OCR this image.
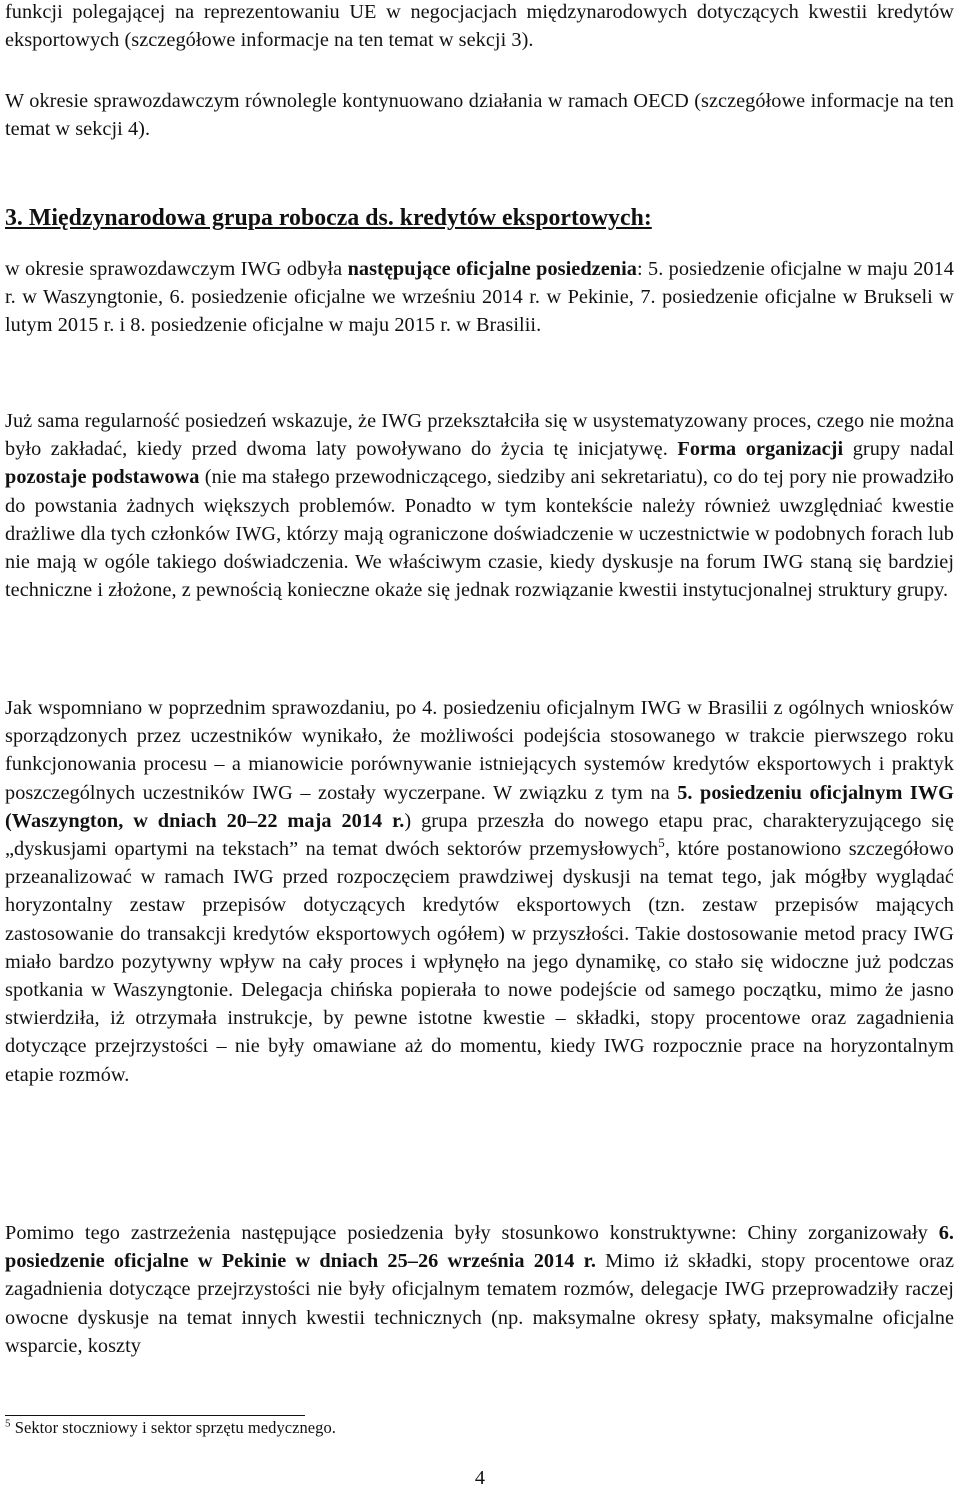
funkcji polegającej na reprezentowaniu UE w negocjacjach międzynarodowych dotyczących kwestii kredytów eksportowych (szczegółowe informacje na ten temat w sekcji 3).

W okresie sprawozdawczym równolegle kontynuowano działania w ramach OECD (szczegółowe informacje na ten temat w sekcji 4).

3. Międzynarodowa grupa robocza ds. kredytów eksportowych:

w okresie sprawozdawczym IWG odbyła następujące oficjalne posiedzenia: 5. posiedzenie oficjalne w maju 2014 r. w Waszyngtonie, 6. posiedzenie oficjalne we wrześniu 2014 r. w Pekinie, 7. posiedzenie oficjalne w Brukseli w lutym 2015 r. i 8. posiedzenie oficjalne w maju 2015 r. w Brasilii.

Już sama regularność posiedzeń wskazuje, że IWG przekształciła się w usystematyzowany proces, czego nie można było zakładać, kiedy przed dwoma laty powoływano do życia tę inicjatywę. Forma organizacji grupy nadal pozostaje podstawowa (nie ma stałego przewodniczącego, siedziby ani sekretariatu), co do tej pory nie prowadziło do powstania żadnych większych problemów. Ponadto w tym kontekście należy również uwzględniać kwestie drażliwe dla tych członków IWG, którzy mają ograniczone doświadczenie w uczestnictwie w podobnych forach lub nie mają w ogóle takiego doświadczenia. We właściwym czasie, kiedy dyskusje na forum IWG staną się bardziej techniczne i złożone, z pewnością konieczne okaże się jednak rozwiązanie kwestii instytucjonalnej struktury grupy.

Jak wspomniano w poprzednim sprawozdaniu, po 4. posiedzeniu oficjalnym IWG w Brasilii z ogólnych wniosków sporządzonych przez uczestników wynikało, że możliwości podejścia stosowanego w trakcie pierwszego roku funkcjonowania procesu – a mianowicie porównywanie istniejących systemów kredytów eksportowych i praktyk poszczególnych uczestników IWG – zostały wyczerpane. W związku z tym na 5. posiedzeniu oficjalnym IWG (Waszyngton, w dniach 20–22 maja 2014 r.) grupa przeszła do nowego etapu prac, charakteryzującego się „dyskusjami opartymi na tekstach” na temat dwóch sektorów przemysłowych$^5$, które postanowiono szczegółowo przeanalizować w ramach IWG przed rozpoczęciem prawdziwej dyskusji na temat tego, jak mógłby wyglądać horyzontalny zestaw przepisów dotyczących kredytów eksportowych (tzn. zestaw przepisów mających zastosowanie do transakcji kredytów eksportowych ogółem) w przyszłości. Takie dostosowanie metod pracy IWG miało bardzo pozytywny wpływ na cały proces i wpłynęło na jego dynamikę, co stało się widoczne już podczas spotkania w Waszyngtonie. Delegacja chińska popierała to nowe podejście od samego początku, mimo że jasno stwierdziła, iż otrzymała instrukcje, by pewne istotne kwestie – składki, stopy procentowe oraz zagadnienia dotyczące przejrzystości – nie były omawiane aż do momentu, kiedy IWG rozpocznie prace na horyzontalnym etapie rozmów.

Pomimo tego zastrzeżenia następujące posiedzenia były stosunkowo konstruktywne: Chiny zorganizowały 6. posiedzenie oficjalne w Pekinie w dniach 25–26 września 2014 r. Mimo iż składki, stopy procentowe oraz zagadnienia dotyczące przejrzystości nie były oficjalnym tematem rozmów, delegacje IWG przeprowadziły raczej owocne dyskusje na temat innych kwestii technicznych (np. maksymalne okresy spłaty, maksymalne oficjalne wsparcie, koszty

$^5$ Sektor stoczniowy i sektor sprzętu medycznego.
4
